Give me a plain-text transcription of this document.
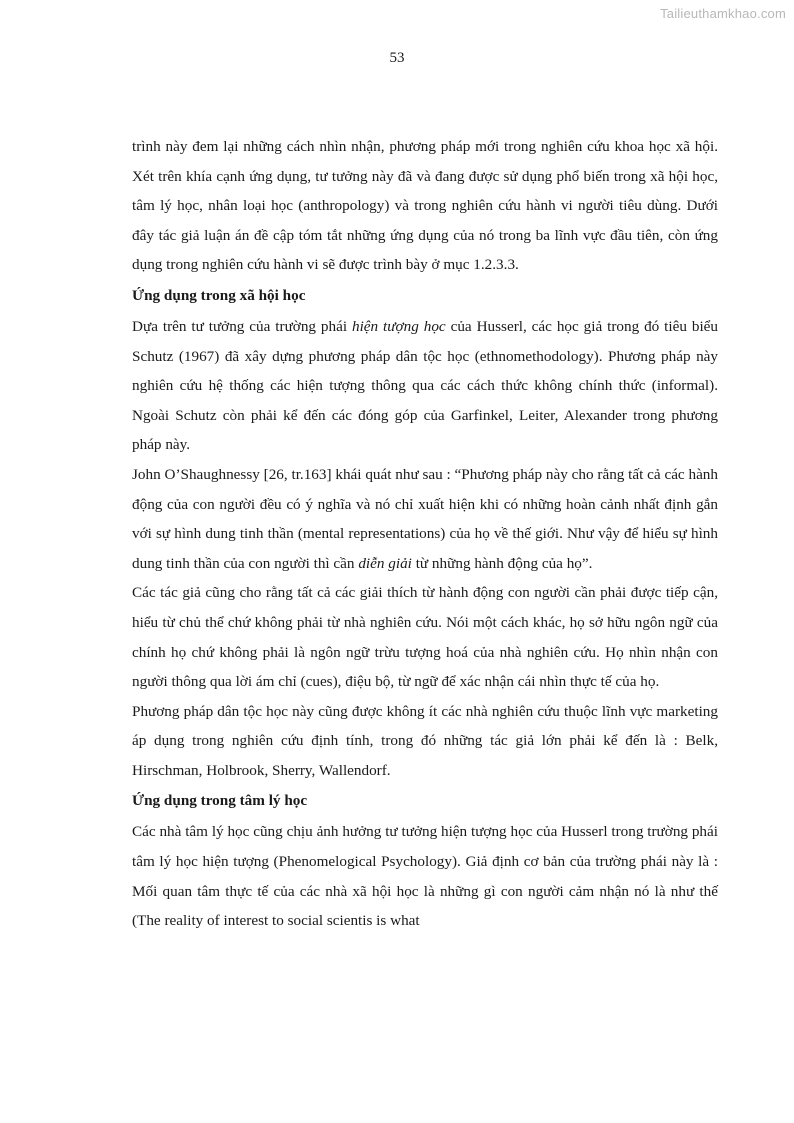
Tailieuthamkhao.com
53

trình này đem lại những cách nhìn nhận, phương pháp mới trong nghiên cứu khoa học xã hội. Xét trên khía cạnh ứng dụng, tư tưởng này đã và đang được sử dụng phổ biến trong xã hội học, tâm lý học, nhân loại học (anthropology) và trong nghiên cứu hành vi người tiêu dùng. Dưới đây tác giả luận án đề cập tóm tắt những ứng dụng của nó trong ba lĩnh vực đầu tiên, còn ứng dụng trong nghiên cứu hành vi sẽ được trình bày ở mục 1.2.3.3.

Ứng dụng trong xã hội học

Dựa trên tư tưởng của trường phái hiện tượng học của Husserl, các học giả trong đó tiêu biểu Schutz (1967) đã xây dựng phương pháp dân tộc học (ethnomethodology). Phương pháp này nghiên cứu hệ thống các hiện tượng thông qua các cách thức không chính thức (informal). Ngoài Schutz còn phải kể đến các đóng góp của Garfinkel, Leiter, Alexander trong phương pháp này.

John O’Shaughnessy [26, tr.163] khái quát như sau : “Phương pháp này cho rằng tất cả các hành động của con người đều có ý nghĩa và nó chỉ xuất hiện khi có những hoàn cảnh nhất định gắn với sự hình dung tinh thần (mental representations) của họ về thế giới. Như vậy để hiểu sự hình dung tinh thần của con người thì cần diễn giải từ những hành động của họ”.

Các tác giả cũng cho rằng tất cả các giải thích từ hành động con người cần phải được tiếp cận, hiểu từ chủ thể chứ không phải từ nhà nghiên cứu. Nói một cách khác, họ sở hữu ngôn ngữ của chính họ chứ không phải là ngôn ngữ trừu tượng hoá của nhà nghiên cứu. Họ nhìn nhận con người thông qua lời ám chỉ (cues), điệu bộ, từ ngữ để xác nhận cái nhìn thực tế của họ.

Phương pháp dân tộc học này cũng được không ít các nhà nghiên cứu thuộc lĩnh vực marketing áp dụng trong nghiên cứu định tính, trong đó những tác giả lớn phải kể đến là : Belk, Hirschman, Holbrook, Sherry, Wallendorf.

Ứng dụng trong tâm lý học

Các nhà tâm lý học cũng chịu ảnh hưởng tư tưởng hiện tượng học của Husserl trong trường phái tâm lý học hiện tượng (Phenomelogical Psychology). Giả định cơ bản của trường phái này là : Mối quan tâm thực tế của các nhà xã hội học là những gì con người cảm nhận nó là như thế (The reality of interest to social scientis is what
